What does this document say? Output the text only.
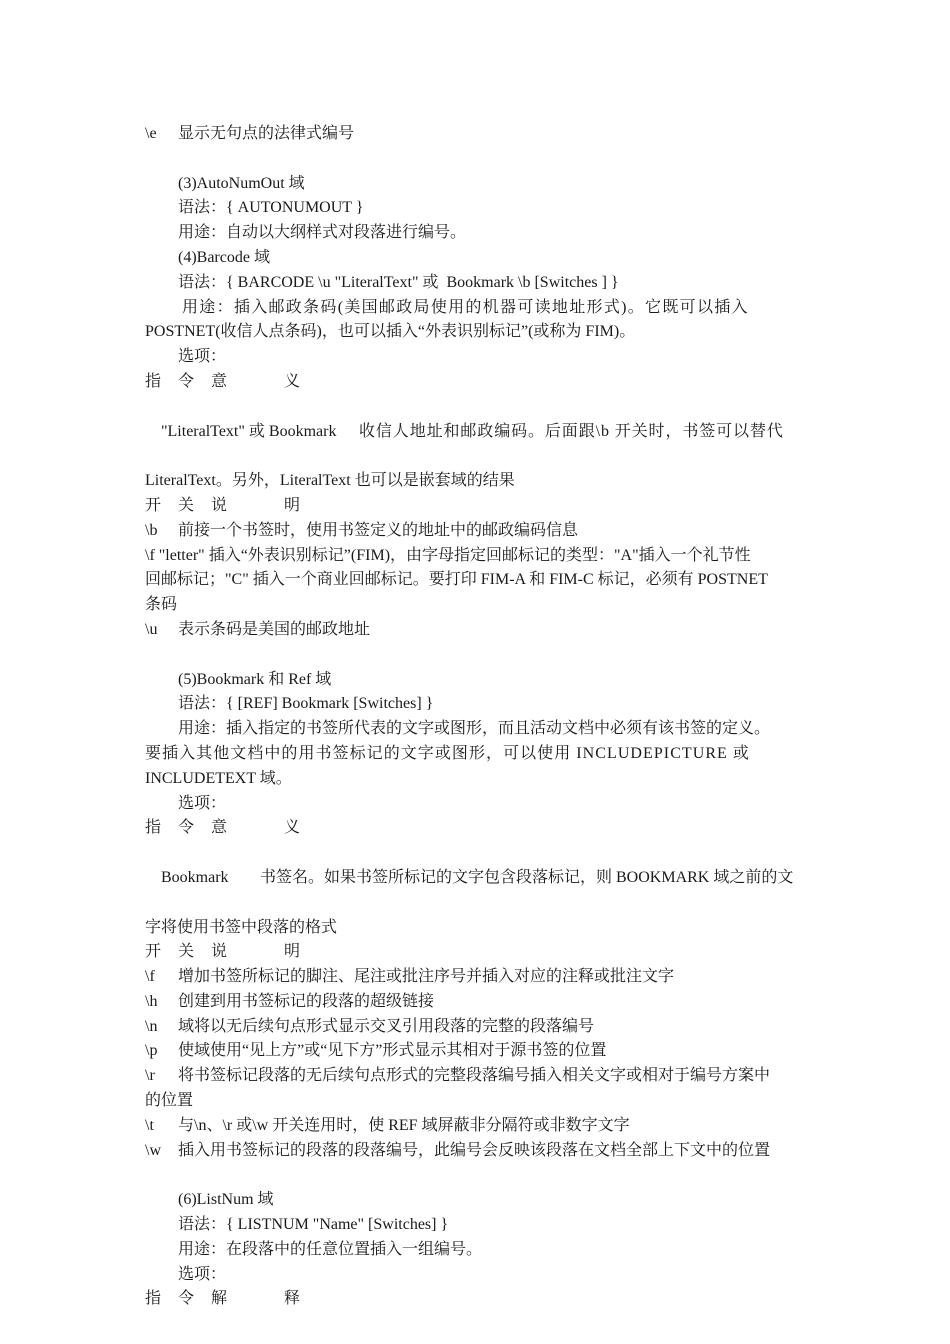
\e	显示无句点的法律式编号
(3)AutoNumOut 域
语法：{ AUTONUMOUT }
用途：自动以大纲样式对段落进行编号。
(4)Barcode 域
语法：{ BARCODE \u "LiteralText" 或  Bookmark \b [Switches ] }
用途：插入邮政条码(美国邮政局使用的机器可读地址形式)。它既可以插入
POSTNET(收信人点条码)，也可以插入“外表识别标记”(或称为 FIM)。
选项：
指	令	意	义

"LiteralText" 或 Bookmark 收信人地址和邮政编码。后面跟\b 开关时，书签可以替代

LiteralText。另外，LiteralText 也可以是嵌套域的结果
开	关	说	明
\b	前接一个书签时，使用书签定义的地址中的邮政编码信息
\f "letter" 插入“外表识别标记”(FIM)，由字母指定回邮标记的类型："A"插入一个礼节性
回邮标记；"C" 插入一个商业回邮标记。要打印 FIM-A 和 FIM-C 标记，必须有 POSTNET
条码
\u	表示条码是美国的邮政地址
(5)Bookmark 和 Ref 域
语法：{ [REF] Bookmark [Switches] }
用途：插入指定的书签所代表的文字或图形，而且活动文档中必须有该书签的定义。
要插入其他文档中的用书签标记的文字或图形，可以使用 INCLUDEPICTURE 或
INCLUDETEXT 域。
选项：
指	令	意	义

Bookmark 书签名。如果书签所标记的文字包含段落标记，则 BOOKMARK 域之前的文

字将使用书签中段落的格式
开	关	说	明
\f	增加书签所标记的脚注、尾注或批注序号并插入对应的注释或批注文字
\h	创建到用书签标记的段落的超级链接
\n	域将以无后续句点形式显示交叉引用段落的完整的段落编号
\p	使域使用“见上方”或“见下方”形式显示其相对于源书签的位置
\r	将书签标记段落的无后续句点形式的完整段落编号插入相关文字或相对于编号方案中
的位置
\t	与\n、\r 或\w 开关连用时，使 REF 域屏蔽非分隔符或非数字文字
\w	插入用书签标记的段落的段落编号，此编号会反映该段落在文档全部上下文中的位置
(6)ListNum 域
语法：{ LISTNUM "Name" [Switches] }
用途：在段落中的任意位置插入一组编号。
选项：
指	令	解	释
